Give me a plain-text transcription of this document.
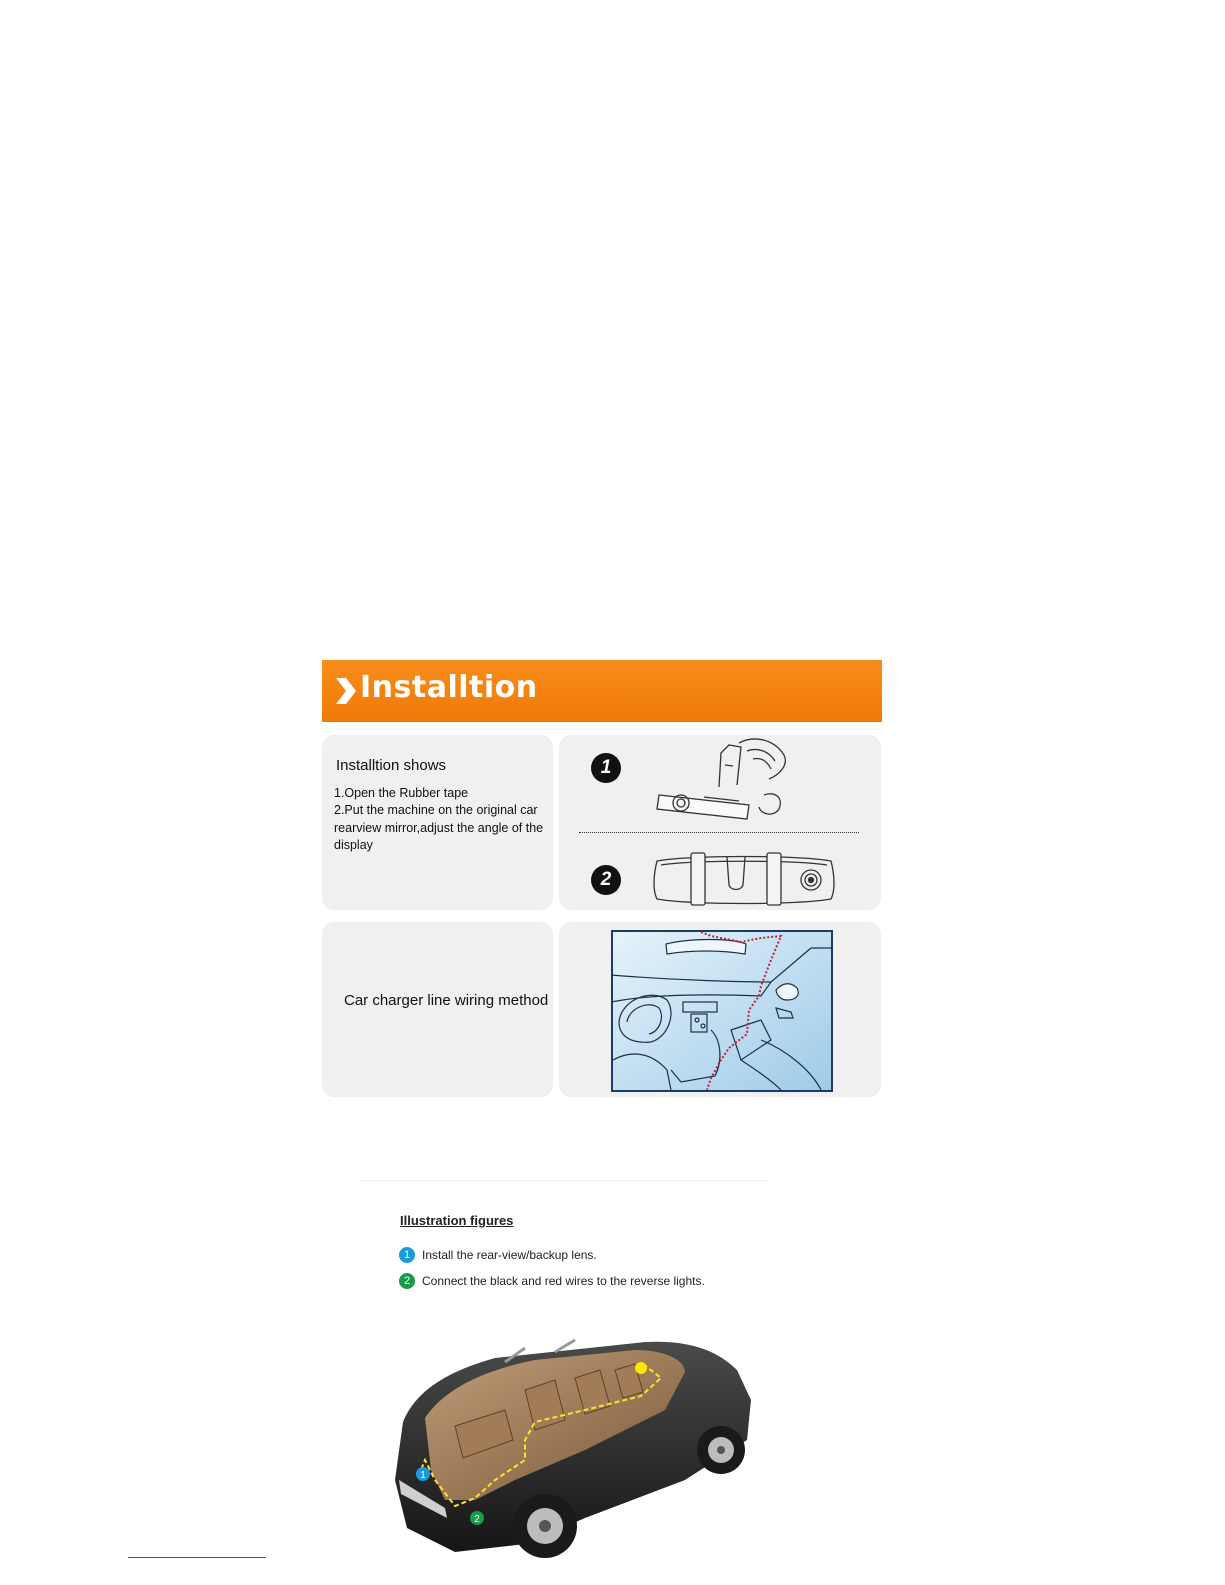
Installtion
Installtion shows
1.Open the Rubber tape
2.Put the machine on the original car rearview mirror,adjust the angle of the display
1
2
Car charger line wiring method
Illustration figures
1 Install the rear-view/backup lens.
2 Connect the black and red wires to the reverse lights.
1
2
